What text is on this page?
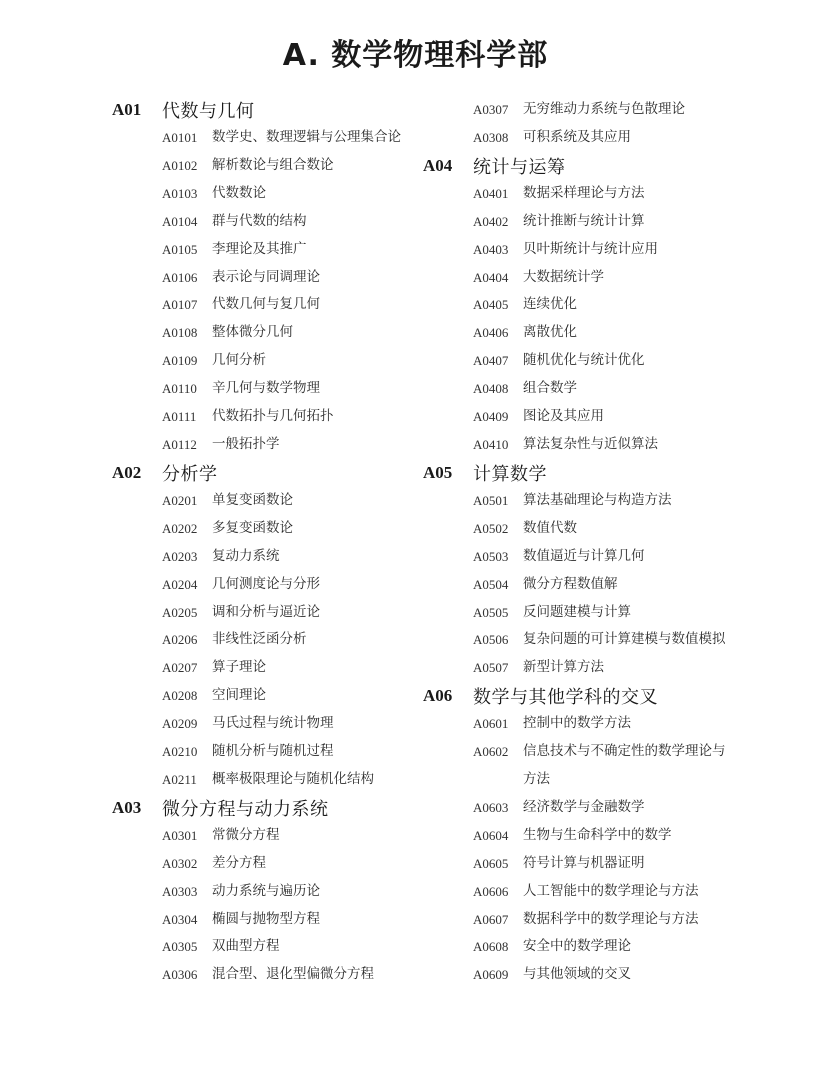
A. 数学物理科学部
A01	代数与几何
A0101	数学史、数理逻辑与公理集合论
A0102	解析数论与组合数论
A0103	代数数论
A0104	群与代数的结构
A0105	李理论及其推广
A0106	表示论与同调理论
A0107	代数几何与复几何
A0108	整体微分几何
A0109	几何分析
A0110	辛几何与数学物理
A0111	代数拓扑与几何拓扑
A0112	一般拓扑学
A02	分析学
A0201	单复变函数论
A0202	多复变函数论
A0203	复动力系统
A0204	几何测度论与分形
A0205	调和分析与逼近论
A0206	非线性泛函分析
A0207	算子理论
A0208	空间理论
A0209	马氏过程与统计物理
A0210	随机分析与随机过程
A0211	概率极限理论与随机化结构
A03	微分方程与动力系统
A0301	常微分方程
A0302	差分方程
A0303	动力系统与遍历论
A0304	椭圆与抛物型方程
A0305	双曲型方程
A0306	混合型、退化型偏微分方程
A0307	无穷维动力系统与色散理论
A0308	可积系统及其应用
A04	统计与运筹
A0401	数据采样理论与方法
A0402	统计推断与统计计算
A0403	贝叶斯统计与统计应用
A0404	大数据统计学
A0405	连续优化
A0406	离散优化
A0407	随机优化与统计优化
A0408	组合数学
A0409	图论及其应用
A0410	算法复杂性与近似算法
A05	计算数学
A0501	算法基础理论与构造方法
A0502	数值代数
A0503	数值逼近与计算几何
A0504	微分方程数值解
A0505	反问题建模与计算
A0506	复杂问题的可计算建模与数值模拟
A0507	新型计算方法
A06	数学与其他学科的交叉
A0601	控制中的数学方法
A0602	信息技术与不确定性的数学理论与
方法
A0603	经济数学与金融数学
A0604	生物与生命科学中的数学
A0605	符号计算与机器证明
A0606	人工智能中的数学理论与方法
A0607	数据科学中的数学理论与方法
A0608	安全中的数学理论
A0609	与其他领域的交叉
